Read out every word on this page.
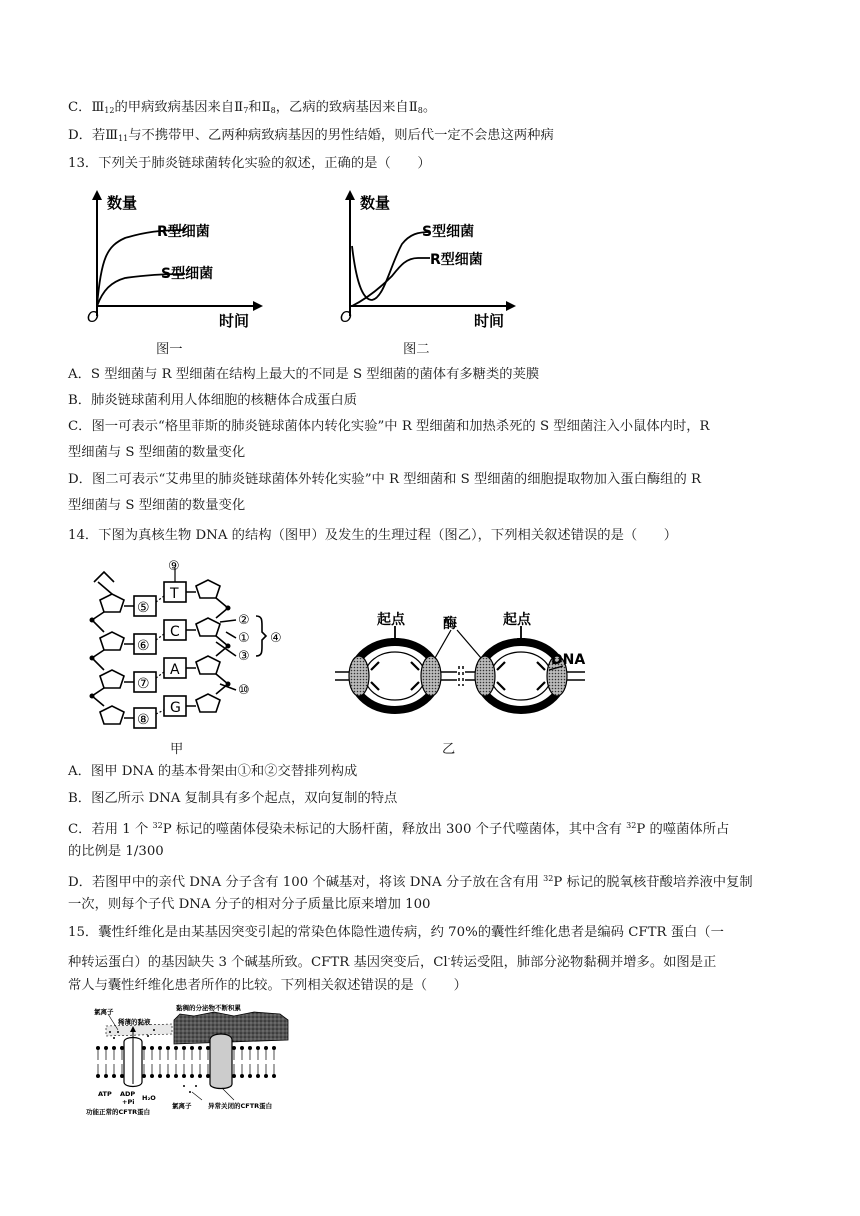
C．$Ⅲ_{12}$的甲病致病基因来自$Ⅱ_7$和$Ⅱ_8$，乙病的致病基因来自$Ⅱ_8$。
D．若$Ⅲ_{11}$与不携带甲、乙两种病致病基因的男性结婚，则后代一定不会患这两种病
13．下列关于肺炎链球菌转化实验的叙述，正确的是（　　）
数量
R型细菌
S型细菌
O	时间
图一
数量
S型细菌
R型细菌
O	时间
图二
A．S 型细菌与 R 型细菌在结构上最大的不同是 S 型细菌的菌体有多糖类的荚膜
B．肺炎链球菌利用人体细胞的核糖体合成蛋白质
C．图一可表示“格里菲斯的肺炎链球菌体内转化实验”中 R 型细菌和加热杀死的 S 型细菌注入小鼠体内时，R
型细菌与 S 型细菌的数量变化
D．图二可表示“艾弗里的肺炎链球菌体外转化实验”中 R 型细菌和 S 型细菌的细胞提取物加入蛋白酶组的 R
型细菌与 S 型细菌的数量变化
14．下图为真核生物 DNA 的结构（图甲）及发生的生理过程（图乙），下列相关叙述错误的是（　　）
⑤
⑥
⑦
⑧
T
C
A
G
⑨
②
①
③
④
⑩
甲
起点	酶	起点
DNA
乙
A．图甲 DNA 的基本骨架由①和②交替排列构成
B．图乙所示 DNA 复制具有多个起点，双向复制的特点
C．若用 1 个 $^{32}$P 标记的噬菌体侵染未标记的大肠杆菌，释放出 300 个子代噬菌体，其中含有 $^{32}$P 的噬菌体所占
的比例是 1/300
D．若图甲中的亲代 DNA 分子含有 100 个碱基对，将该 DNA 分子放在含有用 $^{32}$P 标记的脱氧核苷酸培养液中复制
一次，则每个子代 DNA 分子的相对分子质量比原来增加 100
15．囊性纤维化是由某基因突变引起的常染色体隐性遗传病，约 70%的囊性纤维化患者是编码 CFTR 蛋白（一
种转运蛋白）的基因缺失 3 个碱基所致。CFTR 基因突变后，Cl-转运受阻，肺部分泌物黏稠并增多。如图是正
常人与囊性纤维化患者所作的比较。下列相关叙述错误的是（　　）
氯离子
稀薄的黏液
黏稠的分泌物不断积累
ATP ADP
+Pi H₂O
氯离子
功能正常的CFTR蛋白
异常关闭的CFTR蛋白
